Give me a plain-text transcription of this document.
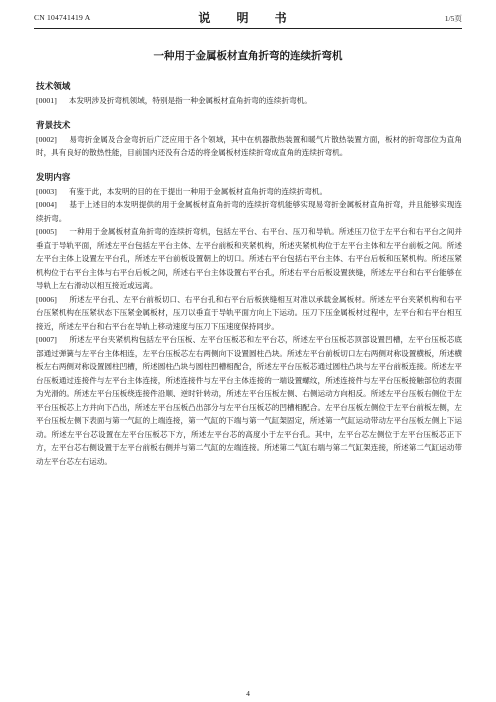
CN 104741419 A	说 明 书	1/5页
一种用于金属板材直角折弯的连续折弯机
技术领域

[0001] 本发明涉及折弯机领域，特别是指一种金属板材直角折弯的连续折弯机。

背景技术

[0002] 易弯折金属及合金弯折后广泛应用于各个领域，其中在机器散热装置和暖气片散热装置方面，板材的折弯部位为直角时，具有良好的散热性能，目前国内还没有合适的将金属板材连续折弯成直角的连续折弯机。

发明内容

[0003] 有鉴于此，本发明的目的在于提出一种用于金属板材直角折弯的连续折弯机。

[0004] 基于上述目的本发明提供的用于金属板材直角折弯的连续折弯机能够实现易弯折金属板材直角折弯，并且能够实现连续折弯。

[0005] 一种用于金属板材直角折弯的连续折弯机，包括左平台、右平台、压刀和导轨。所述压刀位于左平台和右平台之间并垂直于导轨平面，所述左平台包括左平台主体、左平台前板和夹紧机构，所述夹紧机构位于左平台主体和左平台前板之间。所述左平台主体上设置左平台孔，所述左平台前板设置朝上的切口。所述右平台包括右平台主体、右平台后板和压紧机构。所述压紧机构位于右平台主体与右平台后板之间，所述右平台主体设置右平台孔，所述右平台后板设置狭缝，所述左平台和右平台能够在导轨上左右滑动以相互接近或远离。

[0006] 所述左平台孔、左平台前板切口、右平台孔和右平台后板狭缝相互对准以承载金属板材。所述左平台夹紧机构和右平台压紧机构在压紧状态下压紧金属板材，压刀以垂直于导轨平面方向上下运动。压刀下压金属板材过程中，左平台和右平台相互接近，所述左平台和右平台在导轨上移动速度与压刀下压速度保持同步。

[0007] 所述左平台夹紧机构包括左平台压板、左平台压板芯和左平台芯，所述左平台压板芯顶部设置凹槽，左平台压板芯底部通过弹簧与左平台主体相连，左平台压板芯左右两侧向下设置圆柱凸块。所述左平台前板切口左右两侧对称设置横板，所述横板左右两侧对称设置圆柱凹槽，所述圆柱凸块与圆柱凹槽相配合，所述左平台压板芯通过圆柱凸块与左平台前板连接。所述左平台压板通过连接件与左平台主体连接，所述连接件与左平台主体连接的一端设置螺纹，所述连接件与左平台压板接触部位的表面为光滑的。所述左平台压板绕连接件沿顺、逆时针转动，所述左平台压板左侧、右侧运动方向相反。所述左平台压板右侧位于左平台压板芯上方并向下凸出，所述左平台压板凸出部分与左平台压板芯的凹槽相配合。左平台压板左侧位于左平台前板左侧，左平台压板左侧下表面与第一气缸的上端连接，第一气缸的下端与第一气缸架固定，所述第一气缸运动带动左平台压板左侧上下运动。所述左平台芯设置在左平台压板芯下方，所述左平台芯的高度小于左平台孔。其中，左平台芯左侧位于左平台压板芯正下方，左平台芯右侧设置于左平台前板右侧并与第二气缸的左端连接。所述第二气缸右端与第二气缸架连接，所述第二气缸运动带动左平台芯左右运动。

4
